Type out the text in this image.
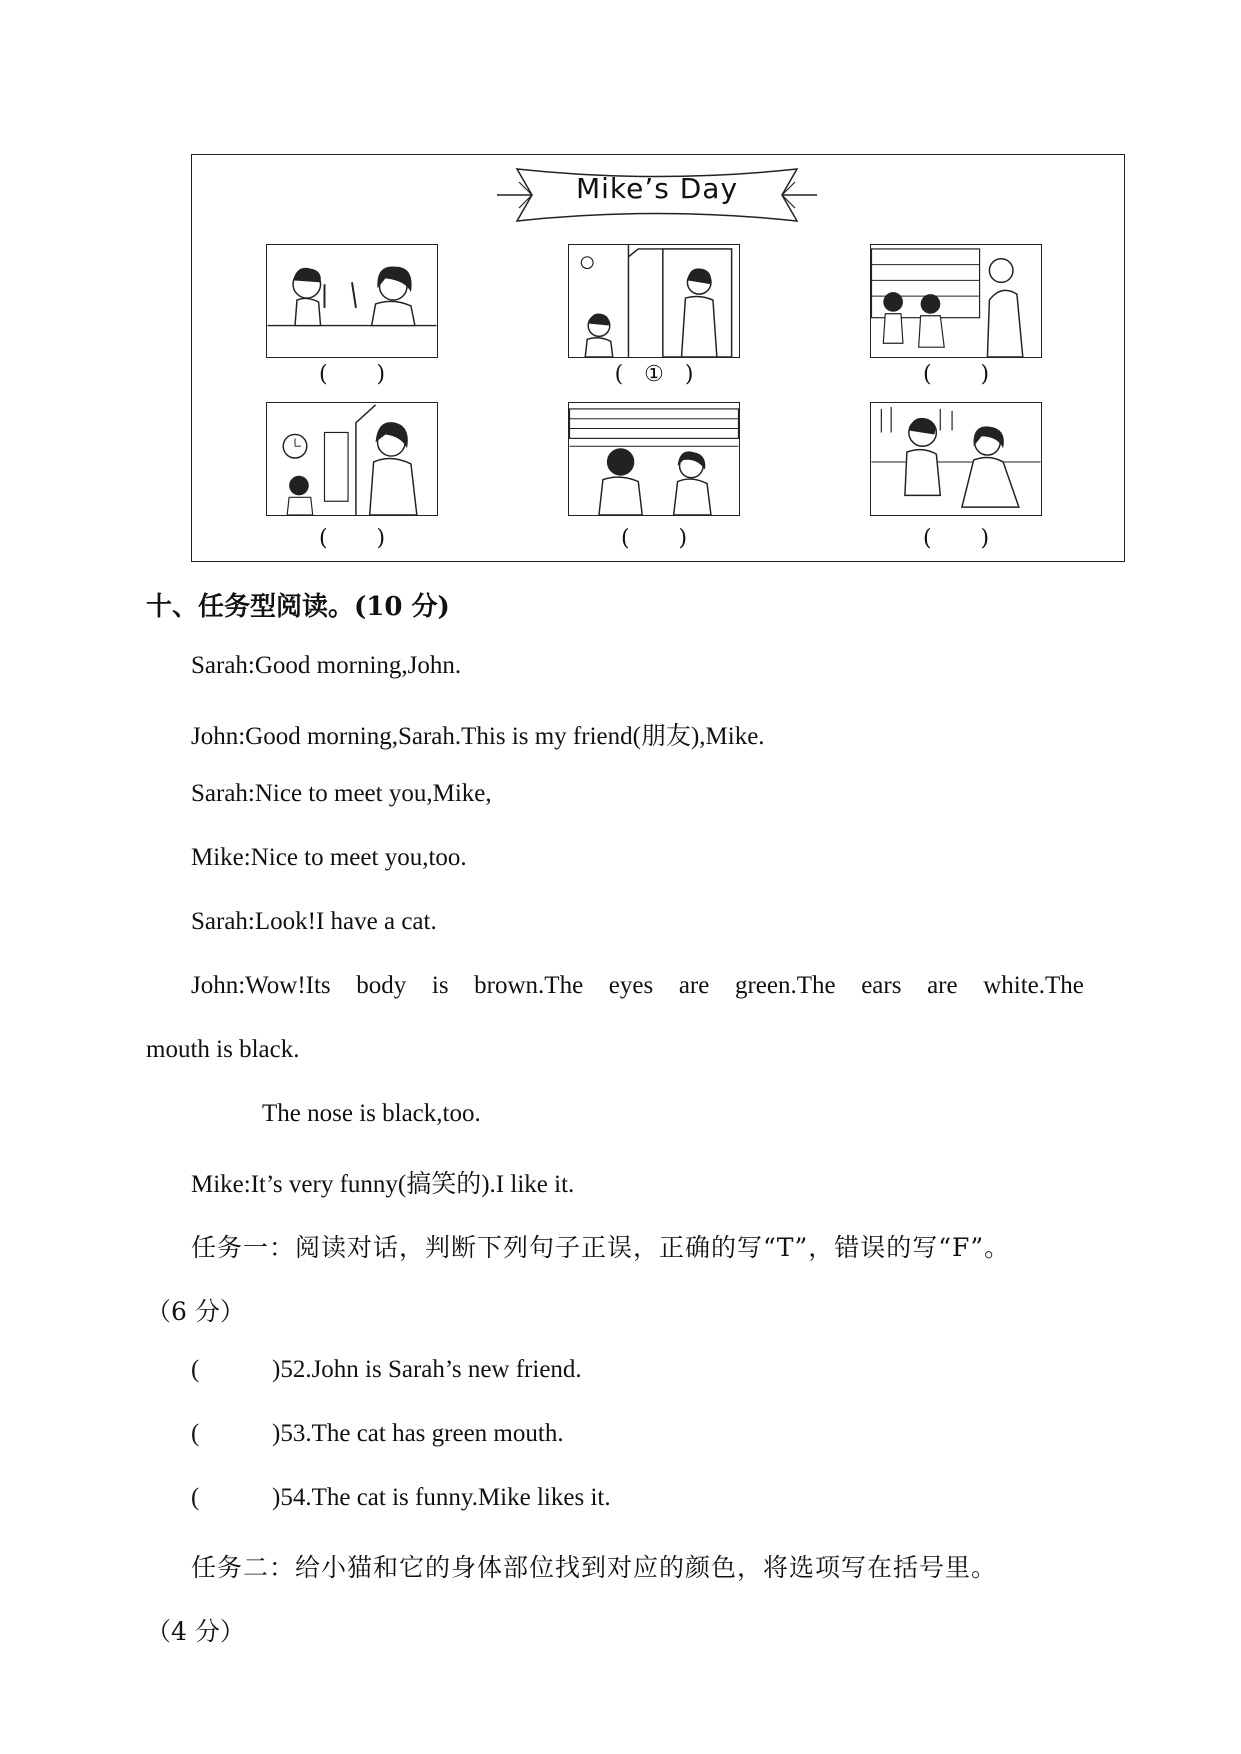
Mike’s Day
(       )	(   ①   )	(       )
(       )	(       )	(       )
十、任务型阅读。(10 分)
Sarah:Good morning,John.
John:Good morning,Sarah.This is my friend(朋友),Mike.
Sarah:Nice to meet you,Mike,
Mike:Nice to meet you,too.
Sarah:Look!I have a cat.
John:Wow!Its body is brown.The eyes are green.The ears are white.The
mouth is black.
The nose is black,too.
Mike:It’s very funny(搞笑的).I like it.
任务一：阅读对话，判断下列句子正误，正确的写“T”，错误的写“F”。
（6 分）
(	)52.John is Sarah’s new friend.
(	)53.The cat has green mouth.
(	)54.The cat is funny.Mike likes it.
任务二：给小猫和它的身体部位找到对应的颜色，将选项写在括号里。
（4 分）
